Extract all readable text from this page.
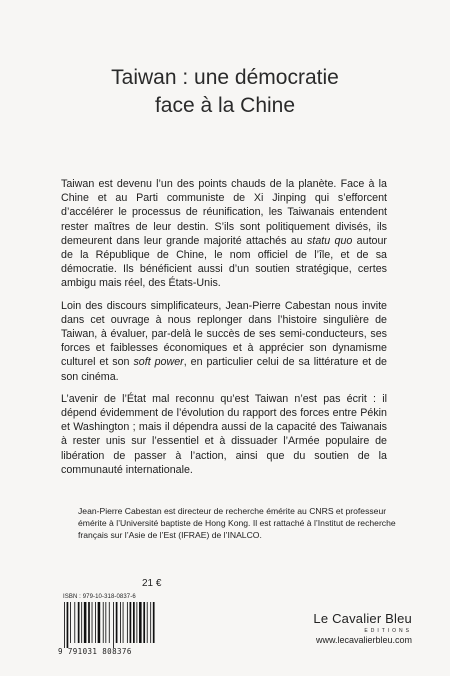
Taiwan : une démocratie
face à la Chine

Taiwan est devenu l’un des points chauds de la planète. Face à la Chine et au Parti communiste de Xi Jinping qui s’efforcent d’accélérer le processus de réunification, les Taiwanais entendent rester maîtres de leur destin. S’ils sont politiquement divisés, ils demeurent dans leur grande majorité attachés au statu quo autour de la République de Chine, le nom officiel de l’île, et de sa démocratie. Ils bénéficient aussi d’un soutien stratégique, certes ambigu mais réel, des États-Unis.

Loin des discours simplificateurs, Jean-Pierre Cabestan nous invite dans cet ouvrage à nous replonger dans l’histoire singulière de Taiwan, à évaluer, par-delà le succès de ses semi-conducteurs, ses forces et faiblesses économiques et à apprécier son dynamisme culturel et son soft power, en particulier celui de sa littérature et de son cinéma.

L’avenir de l’État mal reconnu qu’est Taiwan n’est pas écrit : il dépend évidemment de l’évolution du rapport des forces entre Pékin et Washington ; mais il dépendra aussi de la capacité des Taiwanais à rester unis sur l’essentiel et à dissuader l’Armée populaire de libération de passer à l’action, ainsi que du soutien de la communauté internationale.

Jean-Pierre Cabestan est directeur de recherche émérite au CNRS et professeur émérite à l’Université baptiste de Hong Kong. Il est rattaché à l’Institut de recherche français sur l’Asie de l’Est (IFRAE) de l’INALCO.
21 €
ISBN : 979-10-318-0837-6
9 791031 808376
Le Cavalier Bleu
EDITIONS
www.lecavalierbleu.com
